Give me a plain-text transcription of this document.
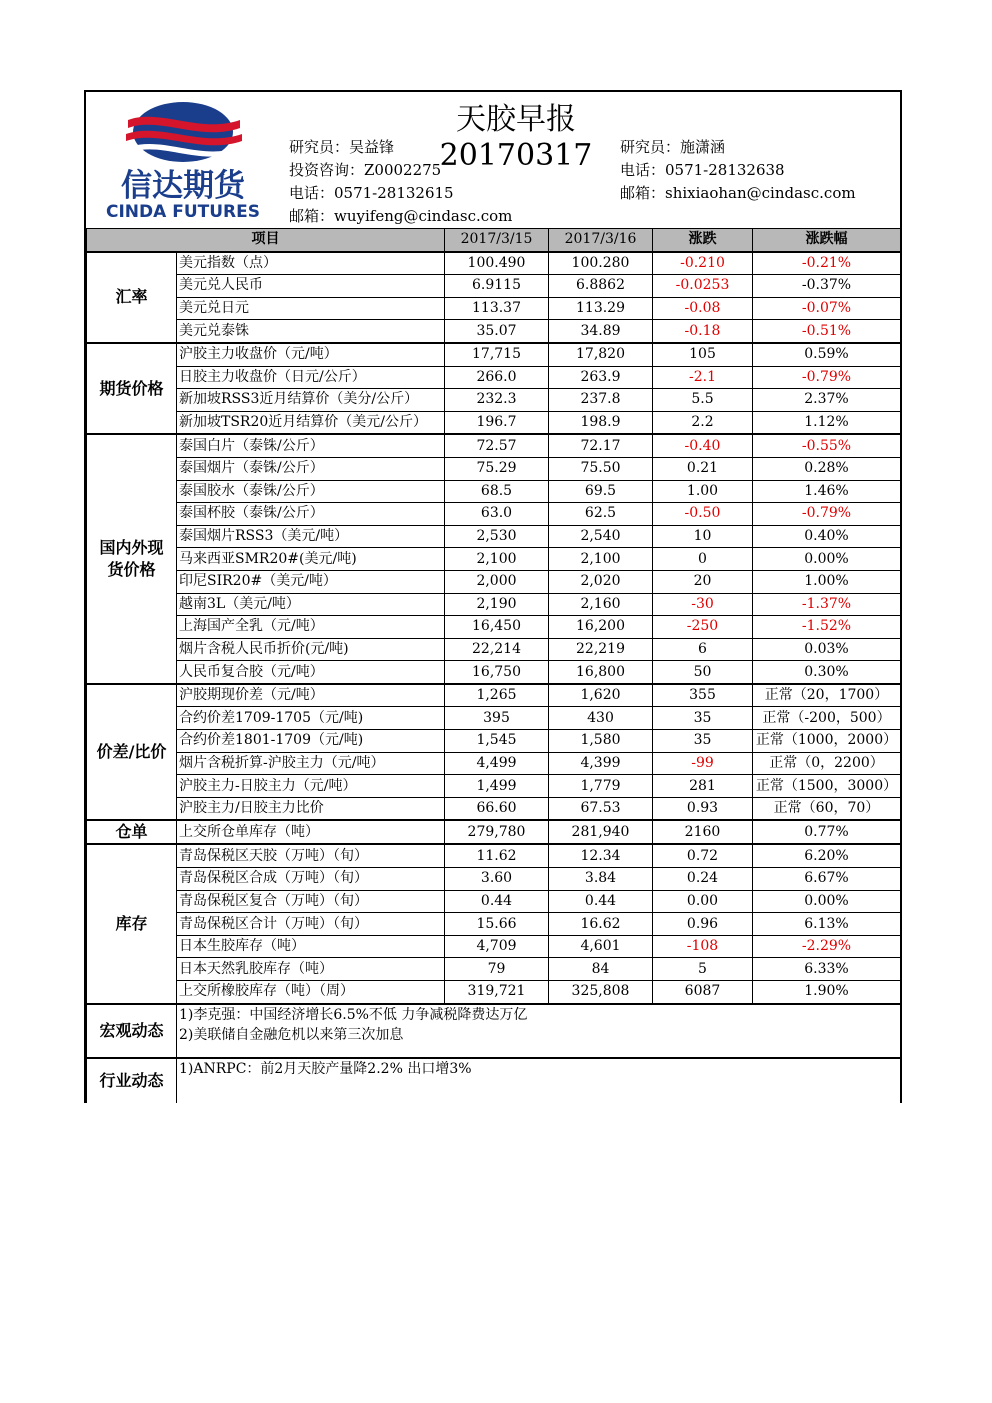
信达期货
CINDA FUTURES
天胶早报20170317
研究员：吴益锋
投资咨询：Z0002275
电话：0571-28132615
邮箱：wuyifeng@cindasc.com
研究员：施潇涵
电话：0571-28132638
邮箱：shixiaohan@cindasc.com
项目		2017/3/15	2017/3/16	涨跌	涨跌幅
汇率	美元指数（点）	100.490	100.280	-0.210	-0.21%
	美元兑人民币	6.9115	6.8862	-0.0253	-0.37%
	美元兑日元	113.37	113.29	-0.08	-0.07%
	美元兑泰铢	35.07	34.89	-0.18	-0.51%
期货价格	沪胶主力收盘价（元/吨）	17,715	17,820	105	0.59%
	日胶主力收盘价（日元/公斤）	266.0	263.9	-2.1	-0.79%
	新加坡RSS3近月结算价（美分/公斤）	232.3	237.8	5.5	2.37%
	新加坡TSR20近月结算价（美元/公斤）	196.7	198.9	2.2	1.12%
国内外现货价格	泰国白片（泰铢/公斤）	72.57	72.17	-0.40	-0.55%
	泰国烟片（泰铢/公斤）	75.29	75.50	0.21	0.28%
	泰国胶水（泰铢/公斤）	68.5	69.5	1.00	1.46%
	泰国杯胶（泰铢/公斤）	63.0	62.5	-0.50	-0.79%
	泰国烟片RSS3（美元/吨）	2,530	2,540	10	0.40%
	马来西亚SMR20#(美元/吨)	2,100	2,100	0	0.00%
	印尼SIR20#（美元/吨）	2,000	2,020	20	1.00%
	越南3L（美元/吨）	2,190	2,160	-30	-1.37%
	上海国产全乳（元/吨）	16,450	16,200	-250	-1.52%
	烟片含税人民币折价(元/吨)	22,214	22,219	6	0.03%
	人民币复合胶（元/吨）	16,750	16,800	50	0.30%
价差/比价	沪胶期现价差（元/吨）	1,265	1,620	355	正常（20，1700）
	合约价差1709-1705（元/吨)	395	430	35	正常（-200，500）
	合约价差1801-1709（元/吨)	1,545	1,580	35	正常（1000，2000）
	烟片含税折算-沪胶主力（元/吨）	4,499	4,399	-99	正常（0，2200）
	沪胶主力-日胶主力（元/吨）	1,499	1,779	281	正常（1500，3000）
	沪胶主力/日胶主力比价	66.60	67.53	0.93	正常（60，70）
仓单	上交所仓单库存（吨）	279,780	281,940	2160	0.77%
库存	青岛保税区天胶（万吨）（旬）	11.62	12.34	0.72	6.20%
	青岛保税区合成（万吨）（旬）	3.60	3.84	0.24	6.67%
	青岛保税区复合（万吨）（旬）	0.44	0.44	0.00	0.00%
	青岛保税区合计（万吨）（旬）	15.66	16.62	0.96	6.13%
	日本生胶库存（吨）	4,709	4,601	-108	-2.29%
	日本天然乳胶库存（吨）	79	84	5	6.33%
	上交所橡胶库存（吨）（周）	319,721	325,808	6087	1.90%
宏观动态	1)李克强：中国经济增长6.5%不低 力争减税降费达万亿
2)美联储自金融危机以来第三次加息				

行业动态	1)ANRPC：前2月天胶产量降2.2% 出口增3%				
